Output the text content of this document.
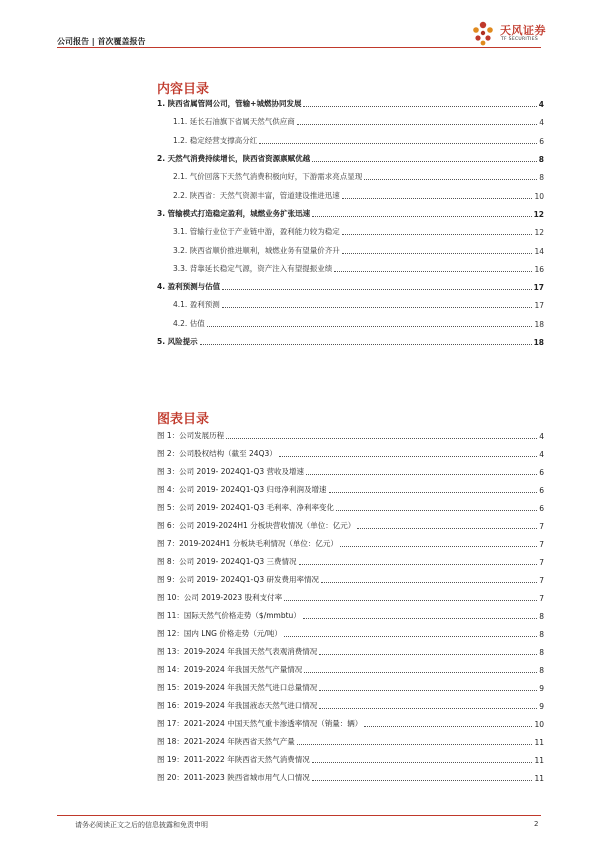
公司报告 | 首次覆盖报告
天风证券
TF SECURITIES
内容目录
1. 陕西省属管网公司，管输+城燃协同发展	4
1.1. 延长石油旗下省属天然气供应商	4
1.2. 稳定经营支撑高分红	6
2. 天然气消费持续增长，陕西省资源禀赋优越	8
2.1. 气价回落下天然气消费积极向好，下游需求亮点显现	8
2.2. 陕西省：天然气资源丰富，管道建设推进迅速	10
3. 管输模式打造稳定盈利，城燃业务扩张迅速	12
3.1. 管输行业位于产业链中游，盈利能力较为稳定	12
3.2. 陕西省顺价推进顺利，城燃业务有望量价齐升	14
3.3. 背靠延长稳定气源，资产注入有望提振业绩	16
4. 盈利预测与估值	17
4.1. 盈利预测	17
4.2. 估值	18
5. 风险提示	18
图表目录
图 1：公司发展历程	4
图 2：公司股权结构（截至 24Q3）	4
图 3：公司 2019- 2024Q1-Q3 营收及增速	6
图 4：公司 2019- 2024Q1-Q3 归母净利润及增速	6
图 5：公司 2019- 2024Q1-Q3 毛利率、净利率变化	6
图 6：公司 2019-2024H1 分板块营收情况（单位：亿元）	7
图 7：2019-2024H1 分板块毛利情况（单位：亿元）	7
图 8：公司 2019- 2024Q1-Q3 三费情况	7
图 9：公司 2019- 2024Q1-Q3 研发费用率情况	7
图 10：公司 2019-2023 股利支付率	7
图 11：国际天然气价格走势（$/mmbtu）	8
图 12：国内 LNG 价格走势（元/吨）	8
图 13：2019-2024 年我国天然气表观消费情况	8
图 14：2019-2024 年我国天然气产量情况	8
图 15：2019-2024 年我国天然气进口总量情况	9
图 16：2019-2024 年我国液态天然气进口情况	9
图 17：2021-2024 中国天然气重卡渗透率情况（销量：辆）	10
图 18：2021-2024 年陕西省天然气产量	11
图 19：2011-2022 年陕西省天然气消费情况	11
图 20：2011-2023 陕西省城市用气人口情况	11
请务必阅读正文之后的信息披露和免责申明	2
